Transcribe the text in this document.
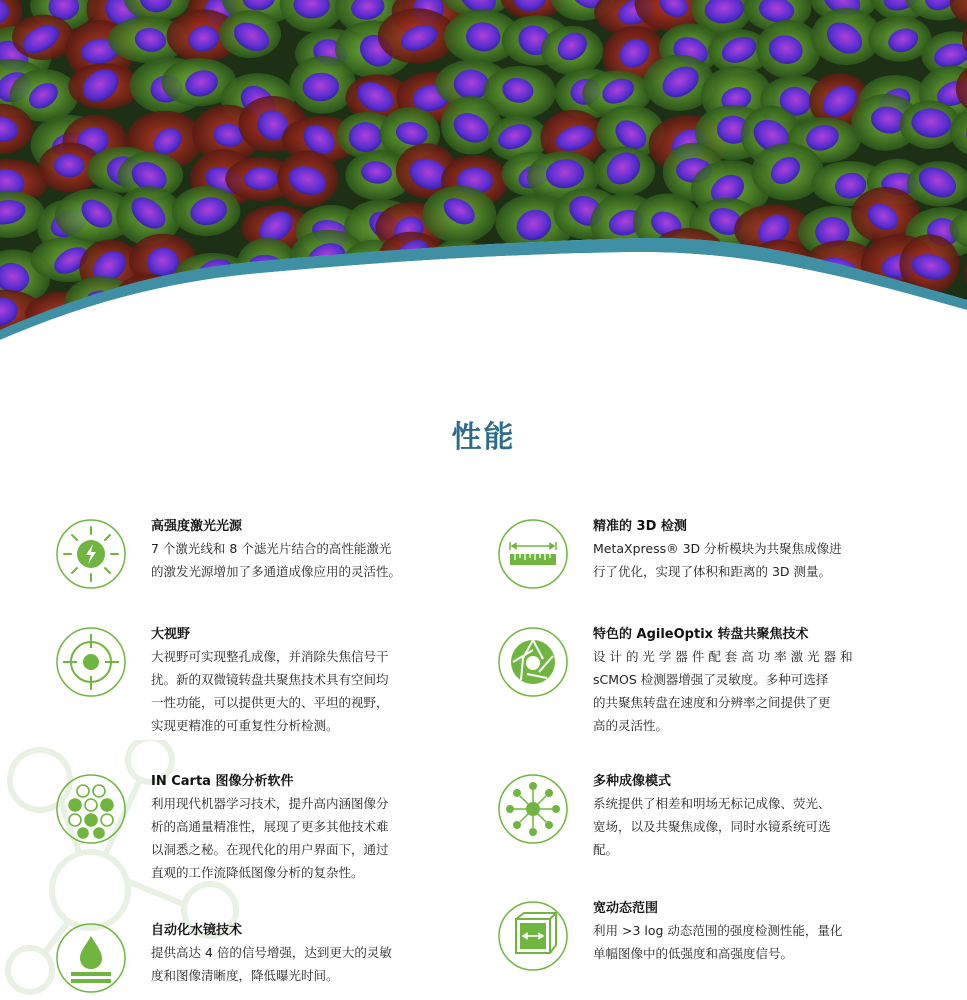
性能
高强度激光光源
7 个激光线和 8 个滤光片结合的高性能激光
的激发光源增加了多通道成像应用的灵活性。
精准的 3D 检测
MetaXpress® 3D 分析模块为共聚焦成像进
行了优化，实现了体积和距离的 3D 测量。
大视野
大视野可实现整孔成像，并消除失焦信号干
扰。新的双微镜转盘共聚焦技术具有空间均
一性功能，可以提供更大的、平坦的视野，
实现更精准的可重复性分析检测。
特色的 AgileOptix 转盘共聚焦技术
设 计 的 光 学 器 件 配 套 高 功 率 激 光 器 和
sCMOS 检测器增强了灵敏度。多种可选择
的共聚焦转盘在速度和分辨率之间提供了更
高的灵活性。
IN Carta 图像分析软件
利用现代机器学习技术，提升高内涵图像分
析的高通量精准性，展现了更多其他技术难
以洞悉之秘。在现代化的用户界面下，通过
直观的工作流降低图像分析的复杂性。
多种成像模式
系统提供了相差和明场无标记成像、荧光、
宽场，以及共聚焦成像，同时水镜系统可选
配。
自动化水镜技术
提供高达 4 倍的信号增强，达到更大的灵敏
度和图像清晰度，降低曝光时间。
宽动态范围
利用 >3 log 动态范围的强度检测性能，量化
单幅图像中的低强度和高强度信号。
